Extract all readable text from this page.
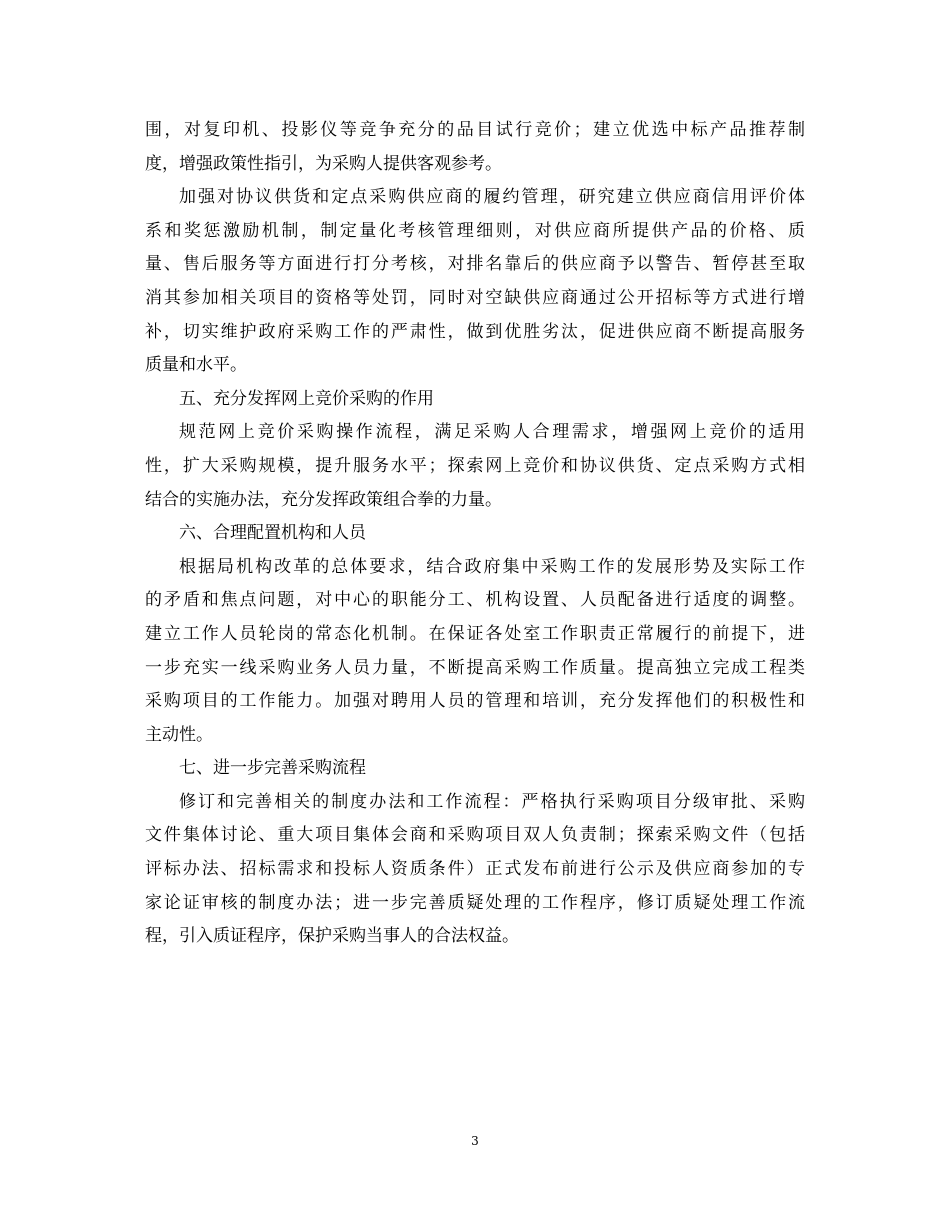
围，对复印机、投影仪等竞争充分的品目试行竞价；建立优选中标产品推荐制
度，增强政策性指引，为采购人提供客观参考。
加强对协议供货和定点采购供应商的履约管理，研究建立供应商信用评价体
系和奖惩激励机制，制定量化考核管理细则，对供应商所提供产品的价格、质
量、售后服务等方面进行打分考核，对排名靠后的供应商予以警告、暂停甚至取
消其参加相关项目的资格等处罚，同时对空缺供应商通过公开招标等方式进行增
补，切实维护政府采购工作的严肃性，做到优胜劣汰，促进供应商不断提高服务
质量和水平。
五、充分发挥网上竞价采购的作用
规范网上竞价采购操作流程，满足采购人合理需求，增强网上竞价的适用
性，扩大采购规模，提升服务水平；探索网上竞价和协议供货、定点采购方式相
结合的实施办法，充分发挥政策组合拳的力量。
六、合理配置机构和人员
根据局机构改革的总体要求，结合政府集中采购工作的发展形势及实际工作
的矛盾和焦点问题，对中心的职能分工、机构设置、人员配备进行适度的调整。
建立工作人员轮岗的常态化机制。在保证各处室工作职责正常履行的前提下，进
一步充实一线采购业务人员力量，不断提高采购工作质量。提高独立完成工程类
采购项目的工作能力。加强对聘用人员的管理和培训，充分发挥他们的积极性和
主动性。
七、进一步完善采购流程
修订和完善相关的制度办法和工作流程：严格执行采购项目分级审批、采购
文件集体讨论、重大项目集体会商和采购项目双人负责制；探索采购文件（包括
评标办法、招标需求和投标人资质条件）正式发布前进行公示及供应商参加的专
家论证审核的制度办法；进一步完善质疑处理的工作程序，修订质疑处理工作流
程，引入质证程序，保护采购当事人的合法权益。
3
